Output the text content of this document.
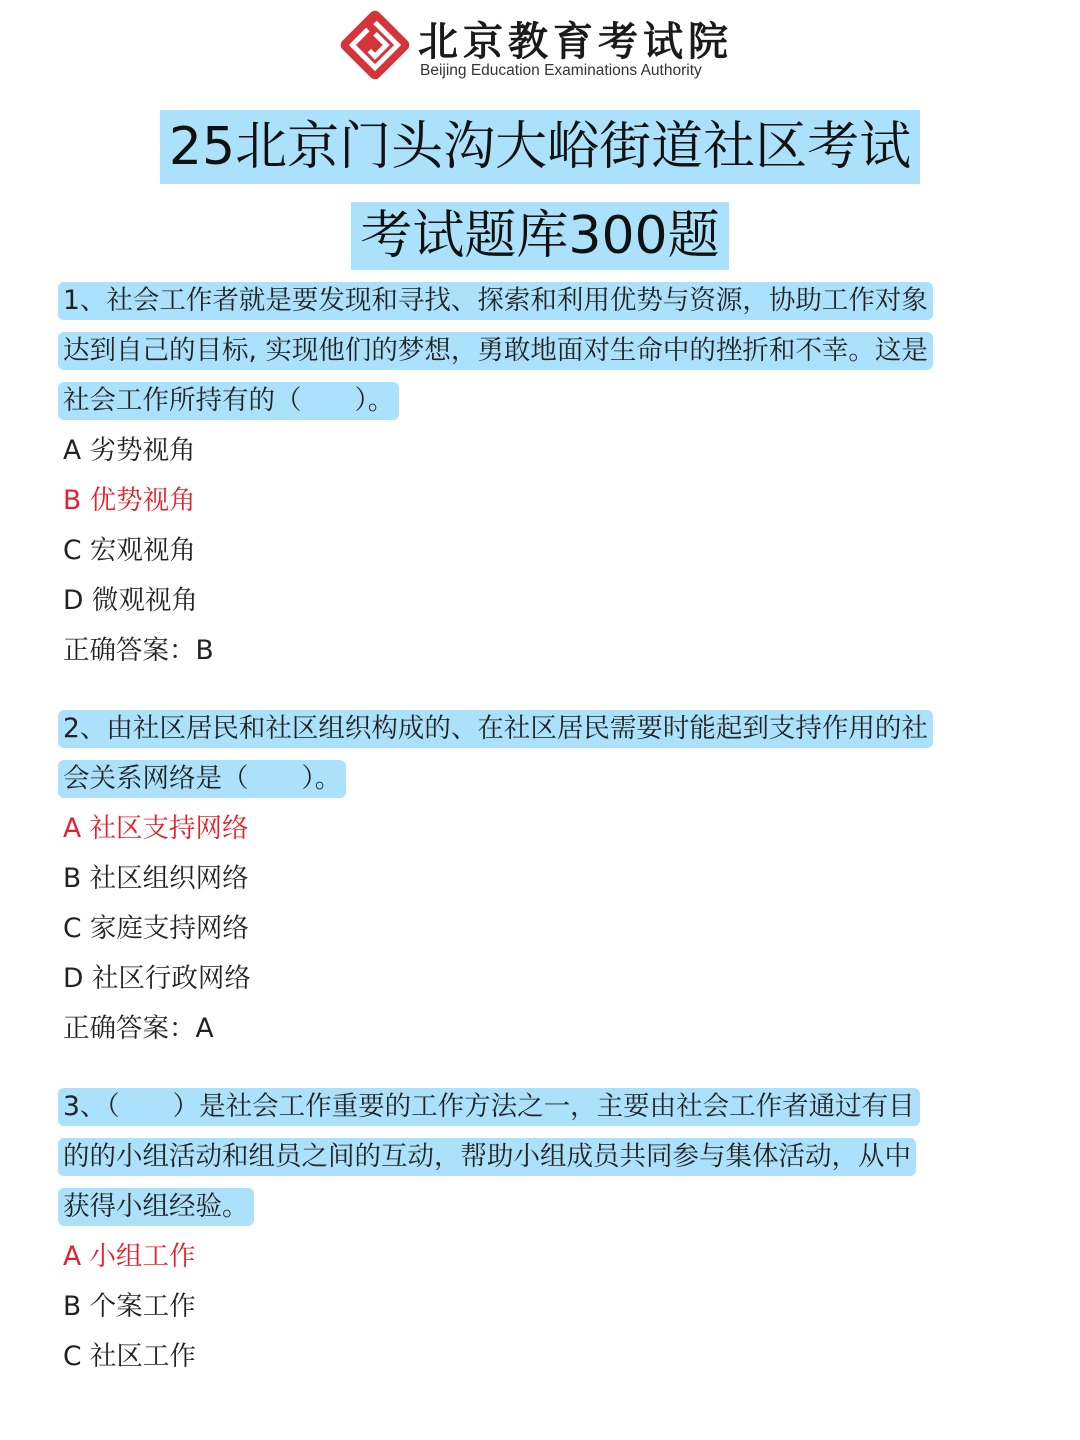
北京教育考试院
Beijing Education Examinations Authority
25北京门头沟大峪街道社区考试
考试题库300题
1、社会工作者就是要发现和寻找、探索和利用优势与资源，协助工作对象
达到自己的目标, 实现他们的梦想，勇敢地面对生命中的挫折和不幸。这是
社会工作所持有的（　　）。
A 劣势视角
B 优势视角
C 宏观视角
D 微观视角
正确答案：B
2、由社区居民和社区组织构成的、在社区居民需要时能起到支持作用的社
会关系网络是（　　）。
A 社区支持网络
B 社区组织网络
C 家庭支持网络
D 社区行政网络
正确答案：A
3、（　　）是社会工作重要的工作方法之一，主要由社会工作者通过有目
的的小组活动和组员之间的互动，帮助小组成员共同参与集体活动，从中
获得小组经验。
A 小组工作
B 个案工作
C 社区工作
